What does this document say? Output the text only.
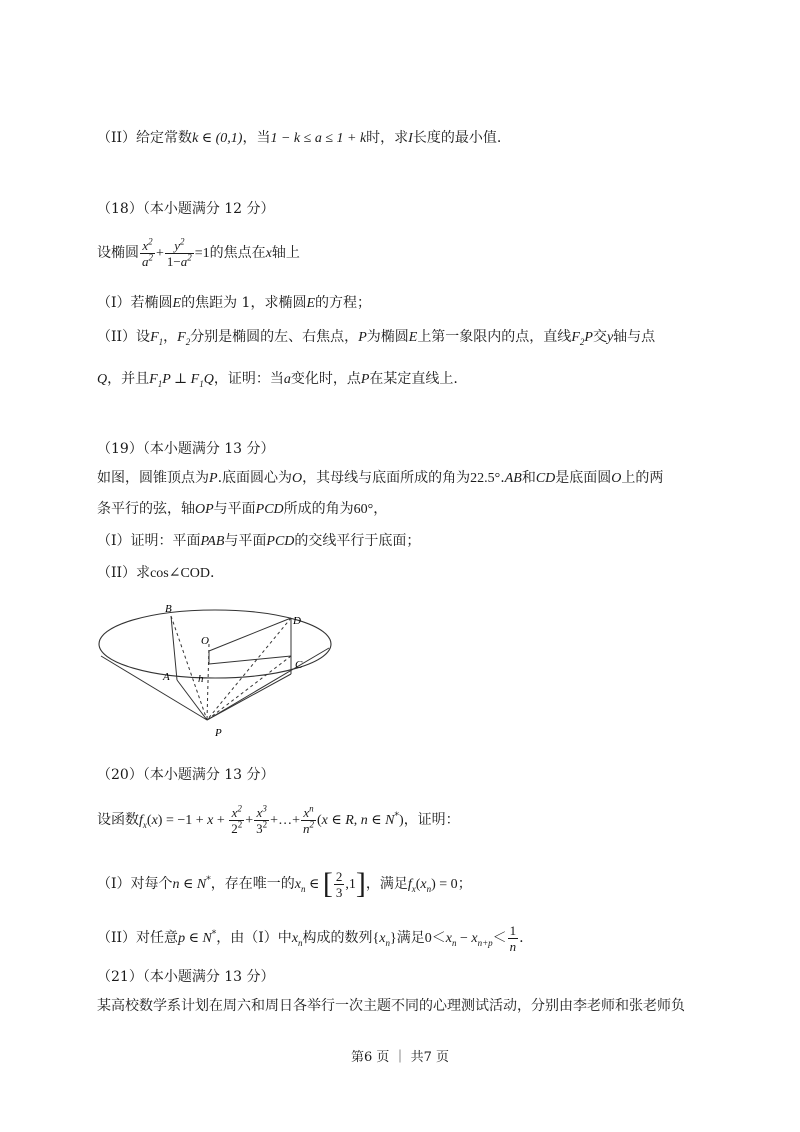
（II）给定常数k ∈ (0,1)，当1 − k ≤ a ≤ 1 + k时，求I长度的最小值.
（18）（本小题满分 12 分）
设椭圆 $\frac{x^2}{a^2} + \frac{y^2}{1-a^2} =1$的焦点在x轴上
（I）若椭圆E的焦距为 1，求椭圆E的方程；
（II）设$F_1$，$F_2$分别是椭圆的左、右焦点，P为椭圆E上第一象限内的点，直线$F_2P$交y轴与点
Q，并且$F_1P$ ⊥ $F_1Q$，证明：当a变化时，点P在某定直线上.
（19）（本小题满分 13 分）
如图，圆锥顶点为P.底面圆心为O，其母线与底面所成的角为22.5°.AB和CD是底面圆O上的两
条平行的弦，轴OP与平面PCD所成的角为60°，
（I）证明：平面PAB与平面PCD的交线平行于底面；
（II）求cos∠COD.
B
D
O
A
C
h
P
（20）（本小题满分 13 分）
设函数$f_x(x) = -1 + x + \frac{x^2}{2^2} + \frac{x^3}{3^2}$ +…+ $\frac{x^n}{n^2} (x$ ∈ R, n ∈ N*)，证明：
（I）对每个n ∈ N*，存在唯一的$x_n$ ∈ [ $\frac{2}{3} ,1$]，满足$f_x(x_n) = 0$；
（II）对任意p ∈ N*，由（I）中$x_n$构成的数列$\{x_n\}$满足$0<x_n - x_{n+p}< \frac{1}{n}$ .
（21）（本小题满分 13 分）
某高校数学系计划在周六和周日各举行一次主题不同的心理测试活动，分别由李老师和张老师负
第6 页 ｜ 共7 页
